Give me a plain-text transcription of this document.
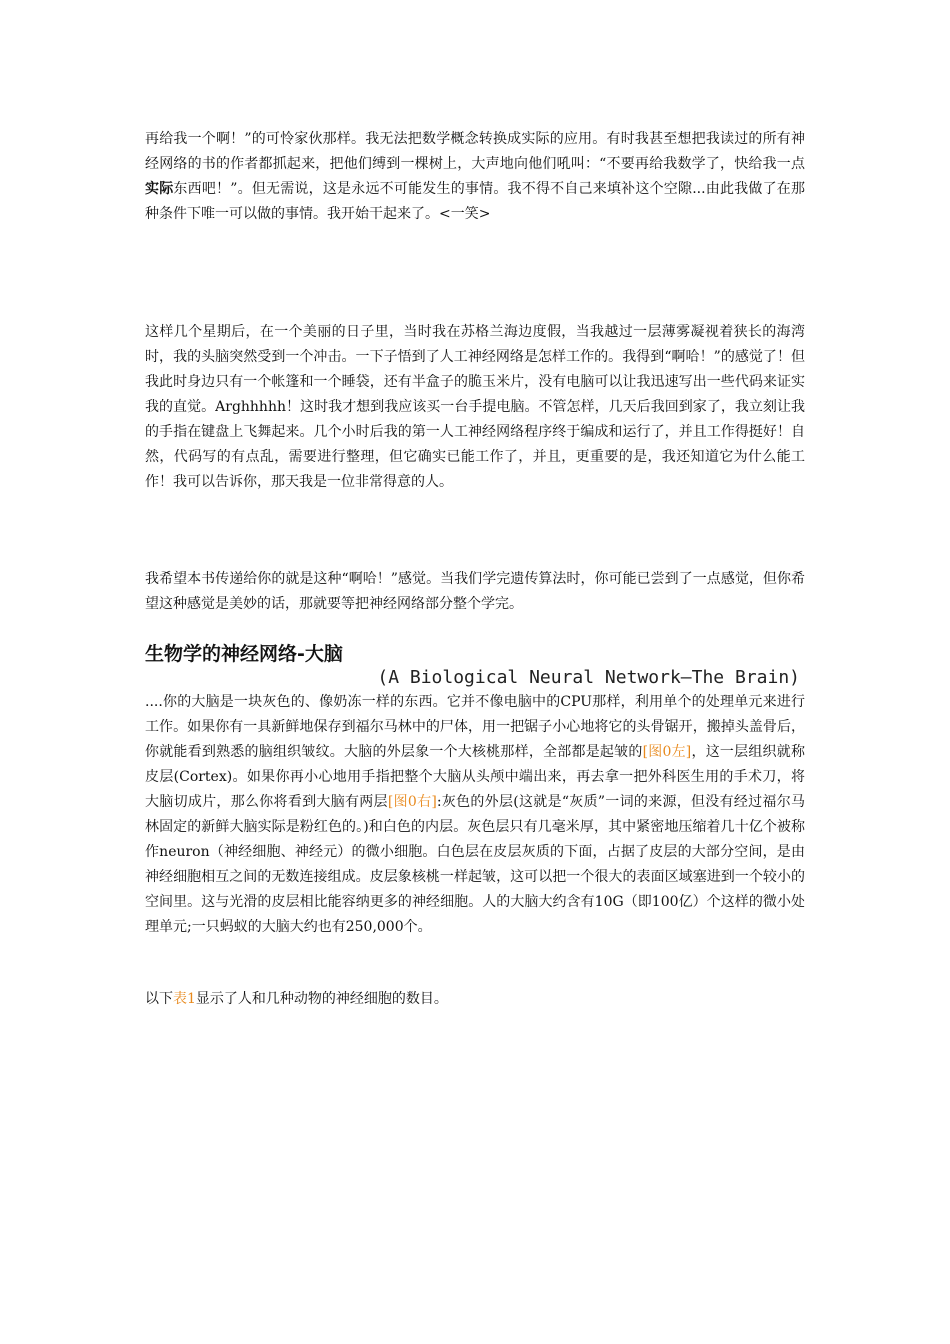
再给我一个啊！”的可怜家伙那样。我无法把数学概念转换成实际的应用。有时我甚至想把我读过的所有神经网络的书的作者都抓起来，把他们缚到一棵树上，大声地向他们吼叫：“不要再给我数学了，快给我一点实际东西吧！”。但无需说，这是永远不可能发生的事情。我不得不自己来填补这个空隙...由此我做了在那种条件下唯一可以做的事情。我开始干起来了。<一笑>

这样几个星期后，在一个美丽的日子里，当时我在苏格兰海边度假，当我越过一层薄雾凝视着狭长的海湾时，我的头脑突然受到一个冲击。一下子悟到了人工神经网络是怎样工作的。我得到“啊哈！”的感觉了！但我此时身边只有一个帐篷和一个睡袋，还有半盒子的脆玉米片，没有电脑可以让我迅速写出一些代码来证实我的直觉。Arghhhhh！这时我才想到我应该买一台手提电脑。不管怎样，几天后我回到家了，我立刻让我的手指在键盘上飞舞起来。几个小时后我的第一人工神经网络程序终于编成和运行了，并且工作得挺好！自然，代码写的有点乱，需要进行整理，但它确实已能工作了，并且，更重要的是，我还知道它为什么能工作！我可以告诉你，那天我是一位非常得意的人。

我希望本书传递给你的就是这种“啊哈！”感觉。当我们学完遗传算法时，你可能已尝到了一点感觉，但你希望这种感觉是美妙的话，那就要等把神经网络部分整个学完。

生物学的神经网络-大脑
(A Biological Neural Network–The Brain)

....你的大脑是一块灰色的、像奶冻一样的东西。它并不像电脑中的CPU那样，利用单个的处理单元来进行工作。如果你有一具新鲜地保存到福尔马林中的尸体，用一把锯子小心地将它的头骨锯开，搬掉头盖骨后，你就能看到熟悉的脑组织皱纹。大脑的外层象一个大核桃那样，全部都是起皱的[图0左]，这一层组织就称皮层(Cortex)。如果你再小心地用手指把整个大脑从头颅中端出来，再去拿一把外科医生用的手术刀，将大脑切成片，那么你将看到大脑有两层[图0右]:灰色的外层(这就是“灰质”一词的来源，但没有经过福尔马林固定的新鲜大脑实际是粉红色的。)和白色的内层。灰色层只有几毫米厚，其中紧密地压缩着几十亿个被称作neuron（神经细胞、神经元）的微小细胞。白色层在皮层灰质的下面，占据了皮层的大部分空间，是由神经细胞相互之间的无数连接组成。皮层象核桃一样起皱，这可以把一个很大的表面区域塞进到一个较小的空间里。这与光滑的皮层相比能容纳更多的神经细胞。人的大脑大约含有10G（即100亿）个这样的微小处理单元;一只蚂蚁的大脑大约也有250,000个。

以下表1显示了人和几种动物的神经细胞的数目。
